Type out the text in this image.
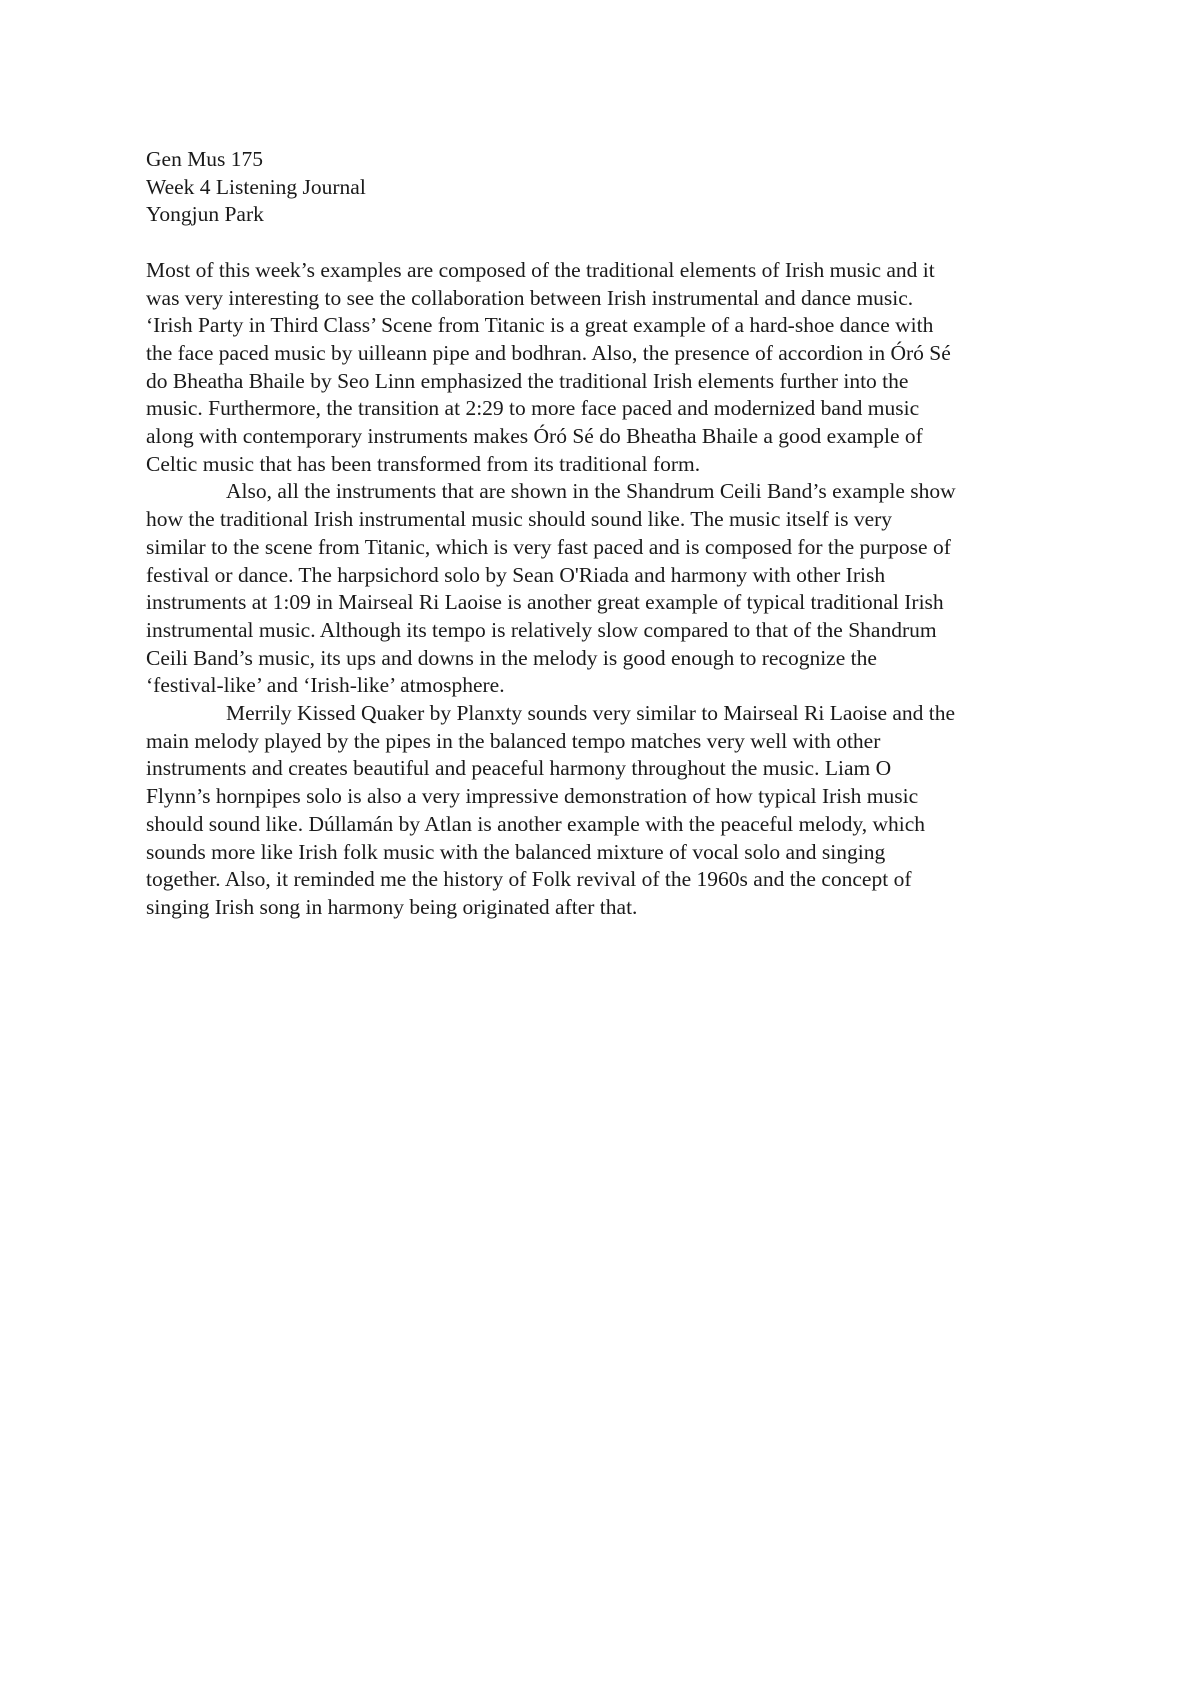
Gen Mus 175
Week 4 Listening Journal
Yongjun Park
Most of this week’s examples are composed of the traditional elements of Irish music and it
was very interesting to see the collaboration between Irish instrumental and dance music.
‘Irish Party in Third Class’ Scene from Titanic is a great example of a hard-shoe dance with
the face paced music by uilleann pipe and bodhran. Also, the presence of accordion in Óró Sé
do Bheatha Bhaile by Seo Linn emphasized the traditional Irish elements further into the
music. Furthermore, the transition at 2:29 to more face paced and modernized band music
along with contemporary instruments makes Óró Sé do Bheatha Bhaile a good example of
Celtic music that has been transformed from its traditional form.
Also, all the instruments that are shown in the Shandrum Ceili Band’s example show
how the traditional Irish instrumental music should sound like. The music itself is very
similar to the scene from Titanic, which is very fast paced and is composed for the purpose of
festival or dance. The harpsichord solo by Sean O'Riada and harmony with other Irish
instruments at 1:09 in Mairseal Ri Laoise is another great example of typical traditional Irish
instrumental music. Although its tempo is relatively slow compared to that of the Shandrum
Ceili Band’s music, its ups and downs in the melody is good enough to recognize the
‘festival-like’ and ‘Irish-like’ atmosphere.
Merrily Kissed Quaker by Planxty sounds very similar to Mairseal Ri Laoise and the
main melody played by the pipes in the balanced tempo matches very well with other
instruments and creates beautiful and peaceful harmony throughout the music. Liam O
Flynn’s hornpipes solo is also a very impressive demonstration of how typical Irish music
should sound like. Dúllamán by Atlan is another example with the peaceful melody, which
sounds more like Irish folk music with the balanced mixture of vocal solo and singing
together. Also, it reminded me the history of Folk revival of the 1960s and the concept of
singing Irish song in harmony being originated after that.
